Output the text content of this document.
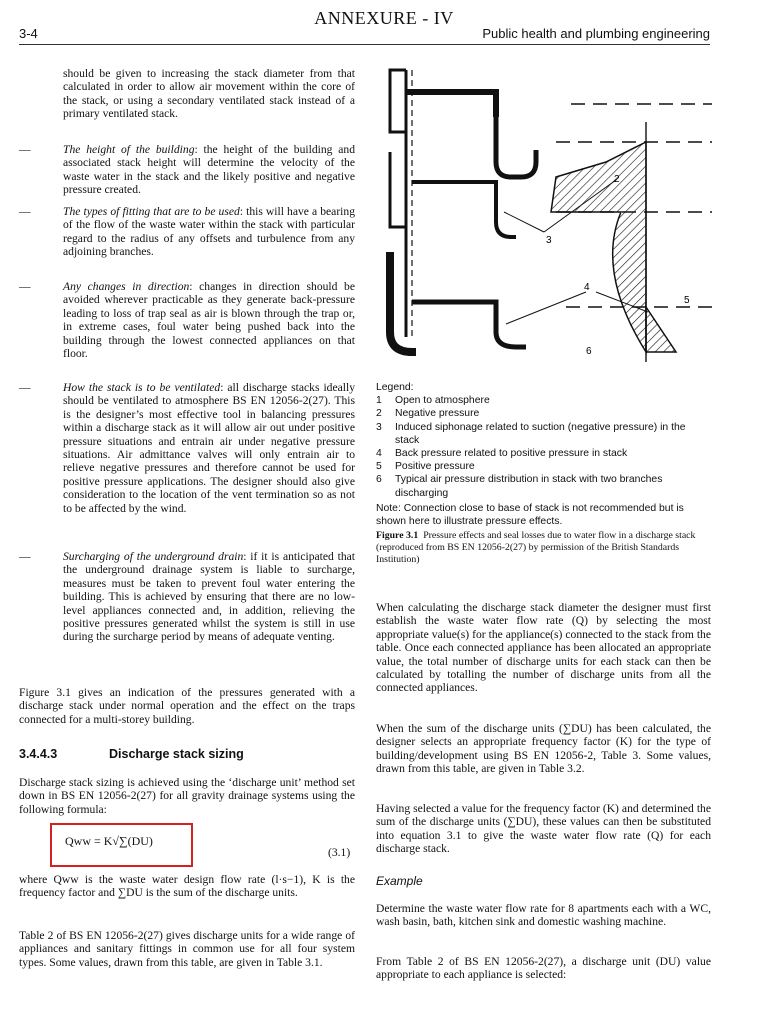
ANNEXURE - IV
3-4	Public health and plumbing engineering

should be given to increasing the stack diameter from that calculated in order to allow air movement within the core of the stack, or using a secondary ventilated stack instead of a primary ventilated stack.

—	The height of the building: the height of the building and associated stack height will determine the velocity of the waste water in the stack and the likely positive and negative pressure created.

—	The types of fitting that are to be used: this will have a bearing of the flow of the waste water within the stack with particular regard to the radius of any offsets and turbulence from any adjoining branches.

—	Any changes in direction: changes in direction should be avoided wherever practicable as they generate back-pressure leading to loss of trap seal as air is blown through the trap or, in extreme cases, foul water being pushed back into the building through the lowest connected appliances on that floor.

—	How the stack is to be ventilated: all discharge stacks ideally should be ventilated to atmosphere BS EN 12056-2(27). This is the designer’s most effective tool in balancing pressures within a discharge stack as it will allow air out under positive pressure situations and entrain air under negative pressure situations. Air admittance valves will only entrain air to relieve negative pressures and therefore cannot be used for positive pressure applications. The designer should also give consideration to the location of the vent termination so as not to be affected by the wind.

—	Surcharging of the underground drain: if it is anticipated that the underground drainage system is liable to surcharge, measures must be taken to prevent foul water entering the building. This is achieved by ensuring that there are no low-level appliances connected and, in addition, relieving the positive pressures generated whilst the system is still in use during the surcharge period by means of adequate venting.

Figure 3.1 gives an indication of the pressures generated with a discharge stack under normal operation and the effect on the traps connected for a multi-storey building.

3.4.4.3	Discharge stack sizing

Discharge stack sizing is achieved using the ‘discharge unit’ method set down in BS EN 12056-2(27) for all gravity drainage systems using the following formula:

Qww = K√∑(DU)
(3.1)

where Qww is the waste water design flow rate (l·s−1), K is the frequency factor and ∑DU is the sum of the discharge units.

Table 2 of BS EN 12056-2(27) gives discharge units for a wide range of appliances and sanitary fittings in common use for all four system types. Some values, drawn from this table, are given in Table 3.1.

2
3
4
5
6
Legend:
1 Open to atmosphere
2 Negative pressure
3 Induced siphonage related to suction (negative pressure) in the stack
4 Back pressure related to positive pressure in stack
5 Positive pressure
6 Typical air pressure distribution in stack with two branches discharging
Note: Connection close to base of stack is not recommended but is shown here to illustrate pressure effects.
Figure 3.1 Pressure effects and seal losses due to water flow in a discharge stack (reproduced from BS EN 12056-2(27) by permission of the British Standards Institution)

When calculating the discharge stack diameter the designer must first establish the waste water flow rate (Q) by selecting the most appropriate value(s) for the appliance(s) connected to the stack from the table. Once each connected appliance has been allocated an appropriate value, the total number of discharge units for each stack can then be calculated by totalling the number of discharge units from all the connected appliances.

When the sum of the discharge units (∑DU) has been calculated, the designer selects an appropriate frequency factor (K) for the type of building/development using BS EN 12056-2, Table 3. Some values, drawn from this table, are given in Table 3.2.

Having selected a value for the frequency factor (K) and determined the sum of the discharge units (∑DU), these values can then be substituted into equation 3.1 to give the waste water flow rate (Q) for each discharge stack.

Example

Determine the waste water flow rate for 8 apartments each with a WC, wash basin, bath, kitchen sink and domestic washing machine.

From Table 2 of BS EN 12056-2(27), a discharge unit (DU) value appropriate to each appliance is selected:
